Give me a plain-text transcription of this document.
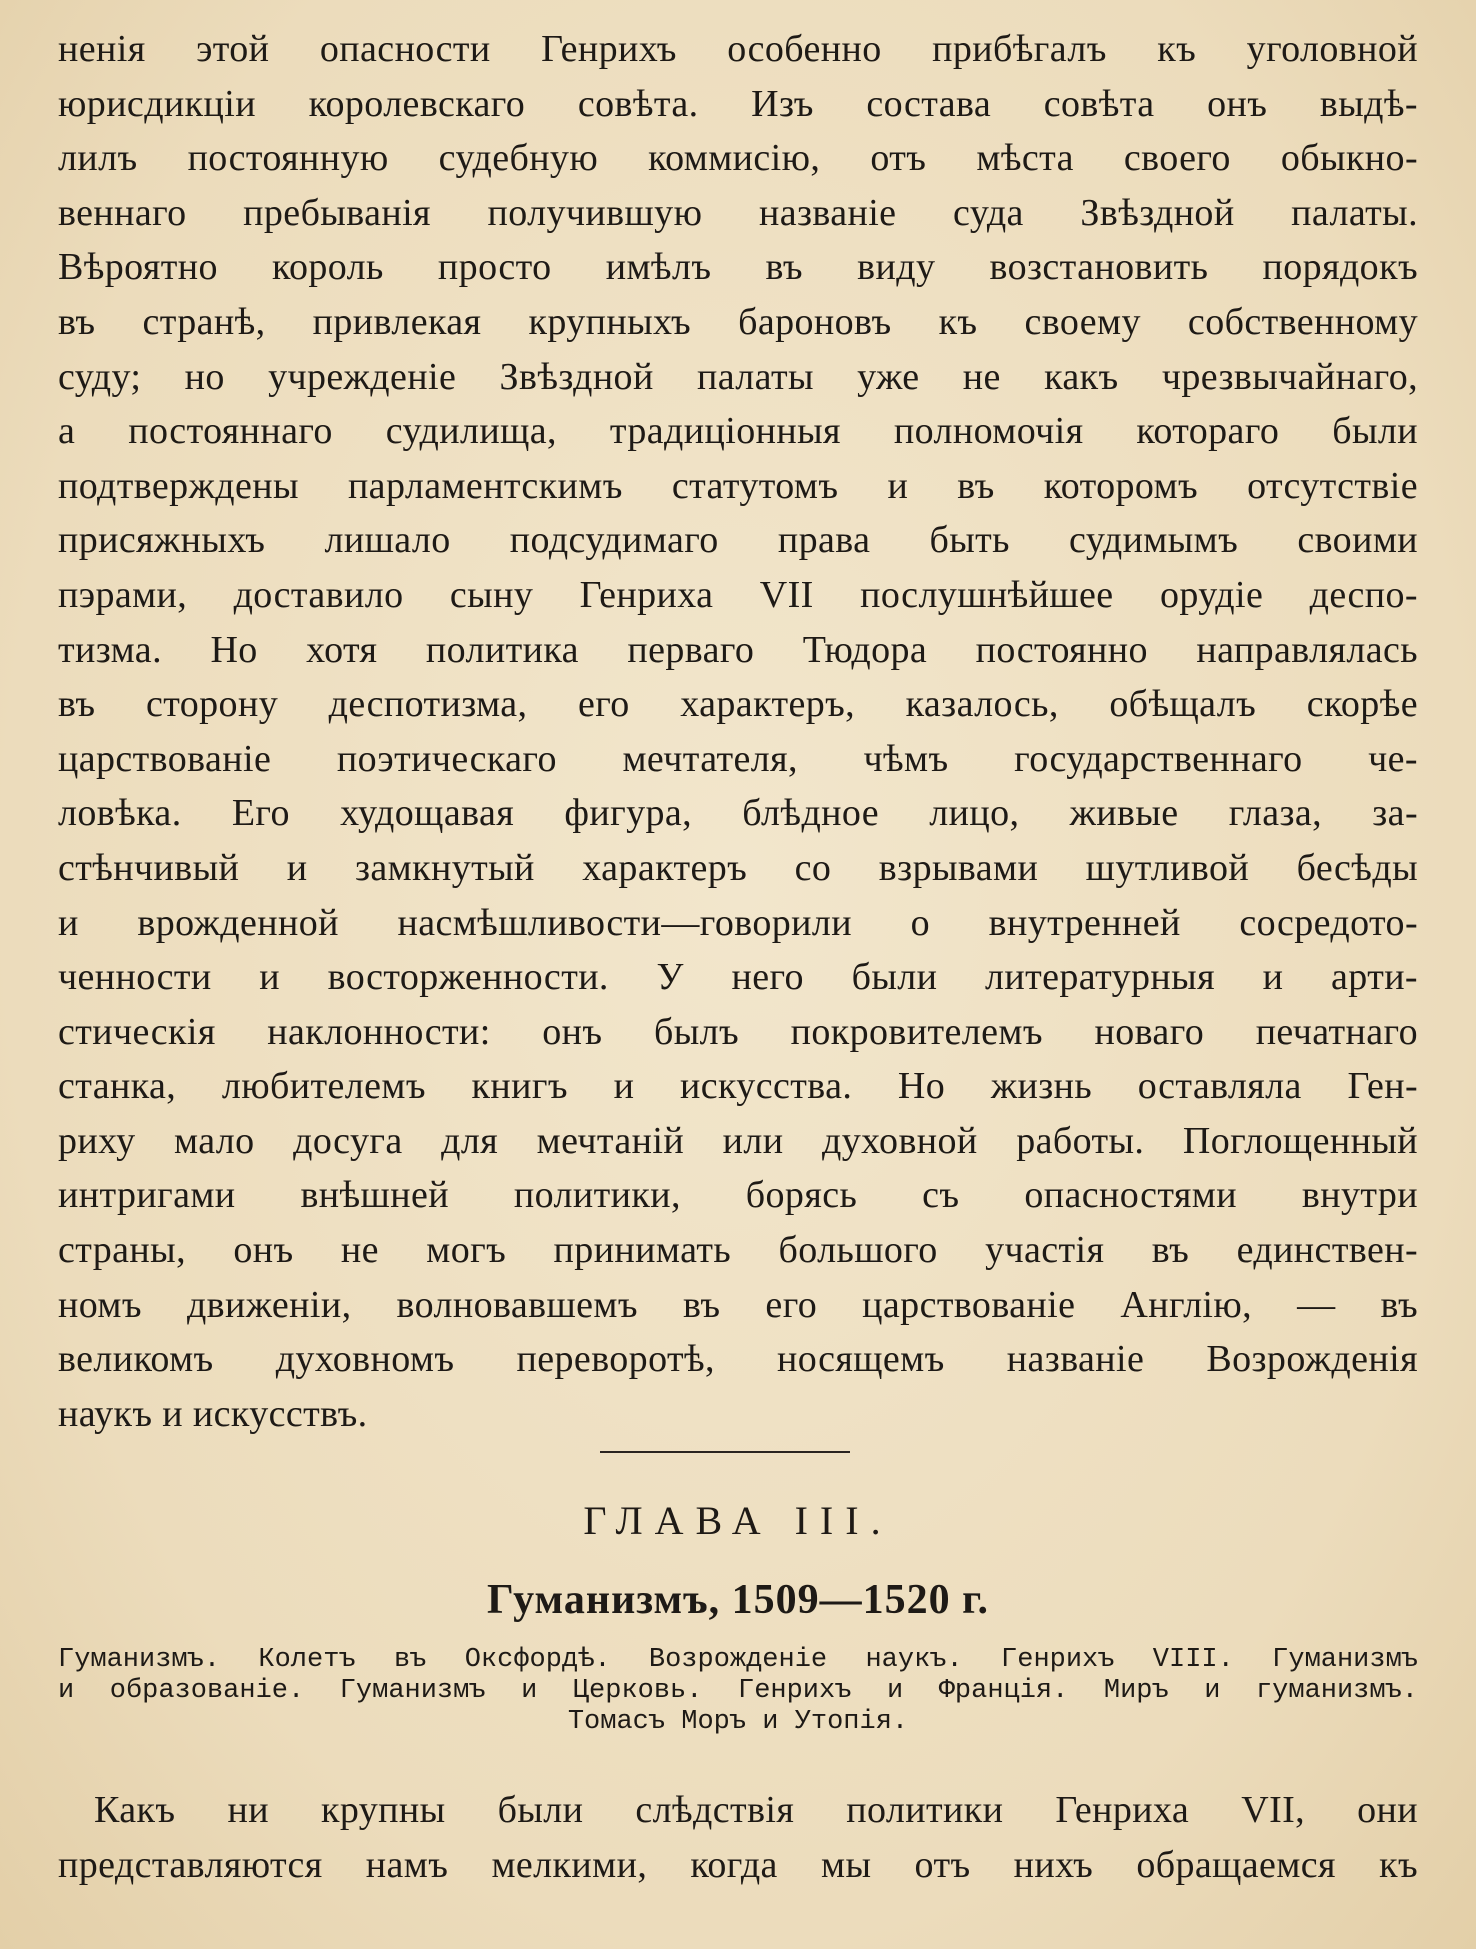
ненія этой опасности Генрихъ особенно прибѣгалъ къ уголовной
юрисдикціи королевскаго совѣта. Изъ состава совѣта онъ выдѣ-
лилъ постоянную судебную коммисію, отъ мѣста своего обыкно-
веннаго пребыванія получившую названіе суда Звѣздной палаты.
Вѣроятно король просто имѣлъ въ виду возстановить порядокъ
въ странѣ, привлекая крупныхъ бароновъ къ своему собственному
суду; но учрежденіе Звѣздной палаты уже не какъ чрезвычайнаго,
а постояннаго судилища, традиціонныя полномочія котораго были
подтверждены парламентскимъ статутомъ и въ которомъ отсутствіе
присяжныхъ лишало подсудимаго права быть судимымъ своими
пэрами, доставило сыну Генриха VII послушнѣйшее орудіе деспо-
тизма. Но хотя политика перваго Тюдора постоянно направлялась
въ сторону деспотизма, его характеръ, казалось, обѣщалъ скорѣе
царствованіе поэтическаго мечтателя, чѣмъ государственнаго че-
ловѣка. Его худощавая фигура, блѣдное лицо, живые глаза, за-
стѣнчивый и замкнутый характеръ со взрывами шутливой бесѣды
и врожденной насмѣшливости—говорили о внутренней сосредото-
ченности и восторженности. У него были литературныя и арти-
стическія наклонности: онъ былъ покровителемъ новаго печатнаго
станка, любителемъ книгъ и искусства. Но жизнь оставляла Ген-
риху мало досуга для мечтаній или духовной работы. Поглощенный
интригами внѣшней политики, борясь съ опасностями внутри
страны, онъ не могъ принимать большого участія въ единствен-
номъ движеніи, волновавшемъ въ его царствованіе Англію, — въ
великомъ духовномъ переворотѣ, носящемъ названіе Возрожденія
наукъ и искусствъ.
ГЛАВА III.
Гуманизмъ, 1509—1520 г.
Гуманизмъ. Колетъ въ Оксфордѣ. Возрожденіе наукъ. Генрихъ VIII. Гуманизмъ
и образованіе. Гуманизмъ и Церковь. Генрихъ и Франція. Миръ и гуманизмъ.
Томасъ Моръ и Утопія.
Какъ ни крупны были слѣдствія политики Генриха VII, они
представляются намъ мелкими, когда мы отъ нихъ обращаемся къ
